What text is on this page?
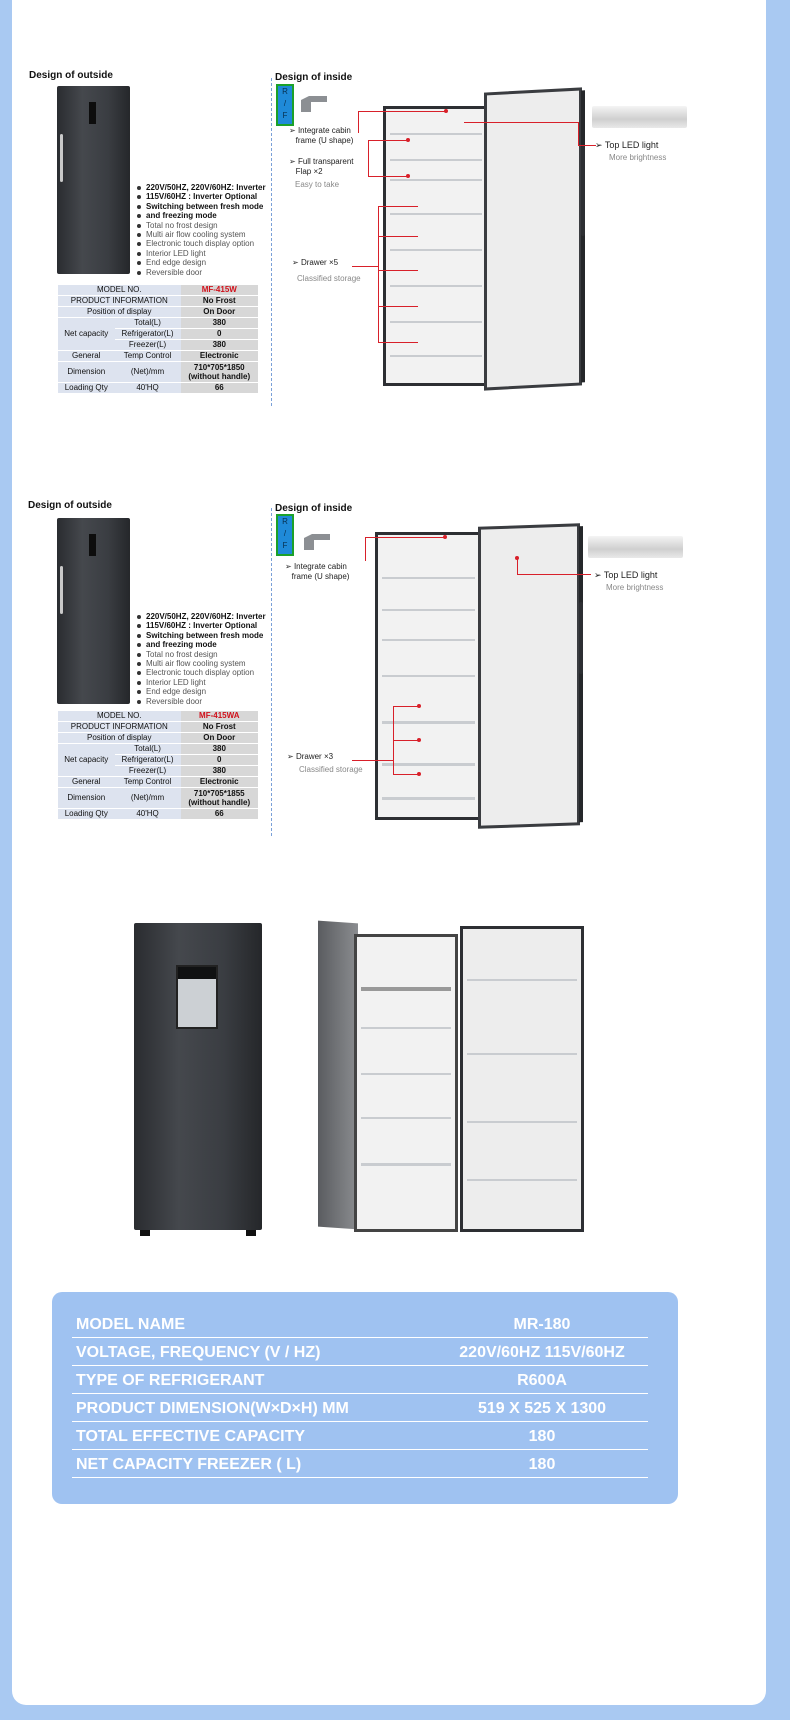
Design of outside
220V/50HZ, 220V/60HZ: Inverter
115V/60HZ : Inverter Optional
Switching between fresh mode
and freezing mode
Total no frost design
Multi air flow cooling system
Electronic touch display option
Interior LED light
End edge design
Reversible door
MODEL NO.		MF-415W
PRODUCT INFORMATION		No Frost
Position of display		On Door
Net capacity	Total(L)	380
	Refrigerator(L)	0
	Freezer(L)	380
General	Temp Control	Electronic
Dimension	(Net)/mm	710*705*1850
(without handle)
Loading Qty	40'HQ	66
Design of inside
R
/
F
➢ Integrate cabin
frame (U shape)
➢ Full transparent
Flap ×2
Easy to take
➢ Drawer ×5
Classified storage
➢ Top LED light
More brightness
Design of outside
220V/50HZ, 220V/60HZ: Inverter
115V/60HZ : Inverter Optional
Switching between fresh mode
and freezing mode
Total no frost design
Multi air flow cooling system
Electronic touch display option
Interior LED light
End edge design
Reversible door
MODEL NO.		MF-415WA
PRODUCT INFORMATION		No Frost
Position of display		On Door
Net capacity	Total(L)	380
	Refrigerator(L)	0
	Freezer(L)	380
General	Temp Control	Electronic
Dimension	(Net)/mm	710*705*1855
(without handle)
Loading Qty	40'HQ	66
Design of inside
R
/
F
➢ Integrate cabin
frame (U shape)
➢ Drawer ×3
Classified storage
➢ Top LED light
More brightness
MODEL NAME	MR-180
VOLTAGE, FREQUENCY (V / HZ)	220V/60HZ 115V/60HZ
TYPE OF REFRIGERANT	R600A
PRODUCT DIMENSION(W×D×H) MM	519 X 525 X 1300
TOTAL EFFECTIVE CAPACITY	180
NET CAPACITY FREEZER ( L)	180
